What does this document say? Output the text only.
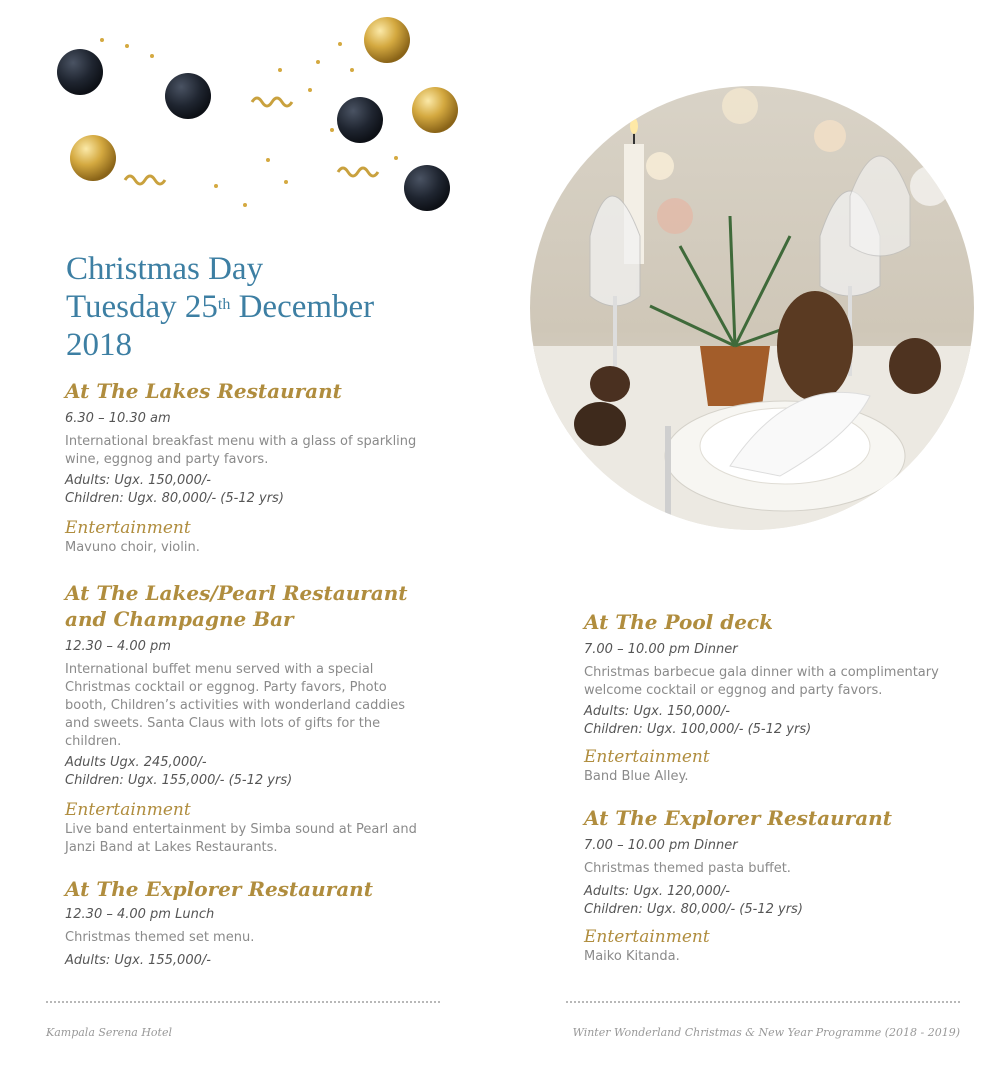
Christmas Day
Tuesday 25th December
2018

At The Lakes Restaurant

6.30 – 10.30 am

International breakfast menu with a glass of sparkling wine, eggnog and party favors.

Adults: Ugx. 150,000/-

Children: Ugx. 80,000/- (5-12 yrs)

Entertainment

Mavuno choir, violin.

At The Lakes/Pearl Restaurant

and Champagne Bar

12.30 – 4.00 pm

International buffet menu served with a special Christmas cocktail or eggnog. Party favors, Photo booth, Children’s activities with wonderland caddies and sweets. Santa Claus with lots of gifts for the children.

Adults Ugx. 245,000/-

Children: Ugx. 155,000/- (5-12 yrs)

Entertainment

Live band entertainment by Simba sound at Pearl and Janzi Band at Lakes Restaurants.

At The Explorer Restaurant

12.30 – 4.00 pm Lunch

Christmas themed set menu.

Adults: Ugx. 155,000/-

At The Pool deck

7.00 – 10.00 pm Dinner

Christmas barbecue gala dinner with a complimentary welcome cocktail or eggnog and party favors.

Adults: Ugx. 150,000/-

Children: Ugx. 100,000/- (5-12 yrs)

Entertainment

Band Blue Alley.

At The Explorer Restaurant

7.00 – 10.00 pm Dinner

Christmas themed pasta buffet.

Adults: Ugx. 120,000/-

Children: Ugx. 80,000/- (5-12 yrs)

Entertainment

Maiko Kitanda.

Kampala Serena Hotel	Winter Wonderland Christmas & New Year Programme (2018 - 2019)
